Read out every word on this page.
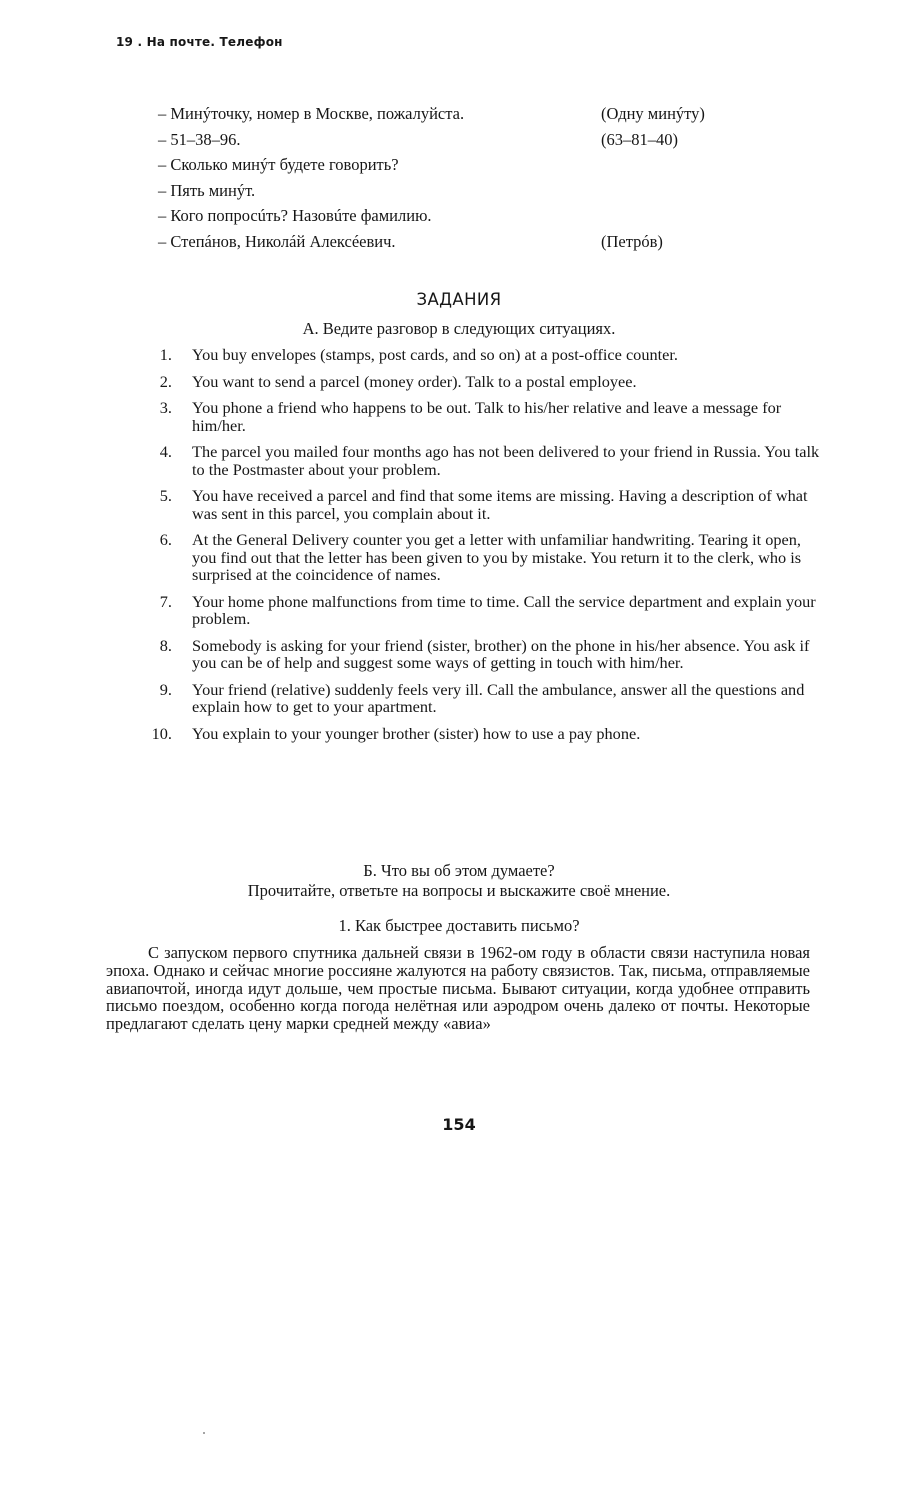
19 . На почте. Телефон
– Минýточку, номер в Москве, пожалуйста.	(Одну минýту)
– 51–38–96.	(63–81–40)
– Сколько минýт будете говорить?
– Пять минýт.
– Кого попросúть? Назовúте фамилию.
– Степáнов, Николáй Алексéевич.	(Петрóв)
ЗАДАНИЯ
А. Ведите разговор в следующих ситуациях.
1. You buy envelopes (stamps, post cards, and so on) at a post-office counter.
2. You want to send a parcel (money order). Talk to a postal employee.
3. You phone a friend who happens to be out. Talk to his/her relative and leave a message for him/her.
4. The parcel you mailed four months ago has not been delivered to your friend in Russia. You talk to the Postmaster about your problem.
5. You have received a parcel and find that some items are missing. Having a description of what was sent in this parcel, you complain about it.
6. At the General Delivery counter you get a letter with unfamiliar handwriting. Tearing it open, you find out that the letter has been given to you by mistake. You return it to the clerk, who is surprised at the coincidence of names.
7. Your home phone malfunctions from time to time. Call the service department and explain your problem.
8. Somebody is asking for your friend (sister, brother) on the phone in his/her absence. You ask if you can be of help and suggest some ways of getting in touch with him/her.
9. Your friend (relative) suddenly feels very ill. Call the ambulance, answer all the questions and explain how to get to your apartment.
10. You explain to your younger brother (sister) how to use a pay phone.
Б. Что вы об этом думаете?
Прочитайте, ответьте на вопросы и выскажите своё мнение.
1. Как быстрее доставить письмо?

С запуском первого спутника дальней связи в 1962-ом году в области связи наступила новая эпоха. Однако и сейчас многие россияне жалуются на работу связистов. Так, письма, отправляемые авиапочтой, иногда идут дольше, чем простые письма. Бывают ситуации, когда удобнее отправить письмо поездом, особенно когда погода нелётная или аэродром очень далеко от почты. Некоторые предлагают сделать цену марки средней между «авиа»

154
